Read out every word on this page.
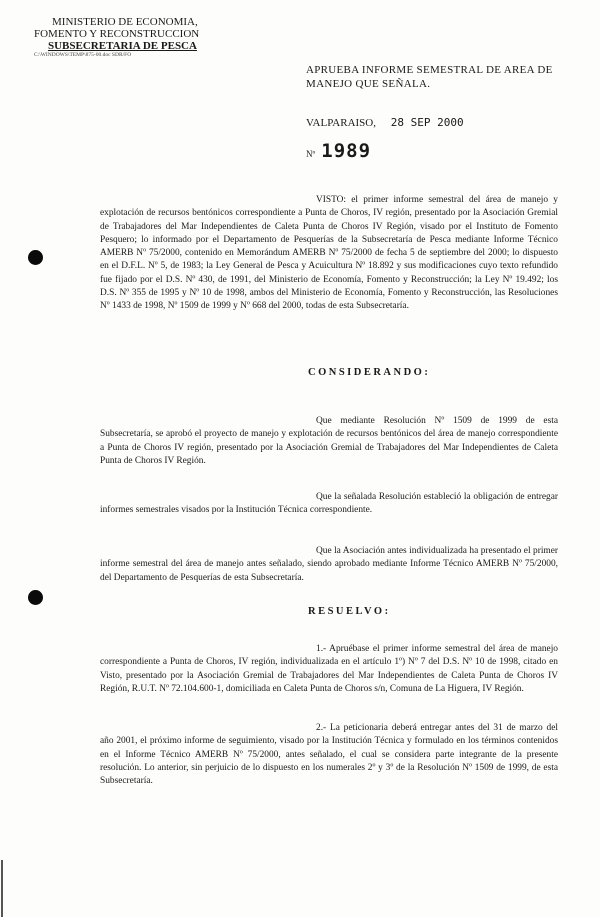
MINISTERIO DE ECONOMIA,
FOMENTO Y RECONSTRUCCION
SUBSECRETARIA DE PESCA
C:\WINDOWS\TEMP\875-00.doc SDR/FO
APRUEBA INFORME SEMESTRAL DE AREA DE MANEJO QUE SEÑALA.
VALPARAISO, 28 SEP 2000
Nº 1989

VISTO: el primer informe semestral del área de manejo y explotación de recursos bentónicos correspondiente a Punta de Choros, IV región, presentado por la Asociación Gremial de Trabajadores del Mar Independientes de Caleta Punta de Choros IV Región, visado por el Instituto de Fomento Pesquero; lo informado por el Departamento de Pesquerías de la Subsecretaría de Pesca mediante Informe Técnico AMERB Nº 75/2000, contenido en Memorándum AMERB Nº 75/2000 de fecha 5 de septiembre del 2000; lo dispuesto en el D.F.L. Nº 5, de 1983; la Ley General de Pesca y Acuicultura Nº 18.892 y sus modificaciones cuyo texto refundido fue fijado por el D.S. Nº 430, de 1991, del Ministerio de Economía, Fomento y Reconstrucción; la Ley Nº 19.492; los D.S. Nº 355 de 1995 y Nº 10 de 1998, ambos del Ministerio de Economía, Fomento y Reconstrucción, las Resoluciones Nº 1433 de 1998, Nº 1509 de 1999 y Nº 668 del 2000, todas de esta Subsecretaría.

CONSIDERANDO:

Que mediante Resolución Nº 1509 de 1999 de esta Subsecretaría, se aprobó el proyecto de manejo y explotación de recursos bentónicos del área de manejo correspondiente a Punta de Choros IV región, presentado por la Asociación Gremial de Trabajadores del Mar Independientes de Caleta Punta de Choros IV Región.

Que la señalada Resolución estableció la obligación de entregar informes semestrales visados por la Institución Técnica correspondiente.

Que la Asociación antes individualizada ha presentado el primer informe semestral del área de manejo antes señalado, siendo aprobado mediante Informe Técnico AMERB Nº 75/2000, del Departamento de Pesquerías de esta Subsecretaría.

RESUELVO:

1.- Apruébase el primer informe semestral del área de manejo correspondiente a Punta de Choros, IV región, individualizada en el artículo 1º) Nº 7 del D.S. Nº 10 de 1998, citado en Visto, presentado por la Asociación Gremial de Trabajadores del Mar Independientes de Caleta Punta de Choros IV Región, R.U.T. Nº 72.104.600-1, domiciliada en Caleta Punta de Choros s/n, Comuna de La Higuera, IV Región.

2.- La peticionaria deberá entregar antes del 31 de marzo del año 2001, el próximo informe de seguimiento, visado por la Institución Técnica y formulado en los términos contenidos en el Informe Técnico AMERB Nº 75/2000, antes señalado, el cual se considera parte integrante de la presente resolución. Lo anterior, sin perjuicio de lo dispuesto en los numerales 2º y 3º de la Resolución Nº 1509 de 1999, de esta Subsecretaría.
